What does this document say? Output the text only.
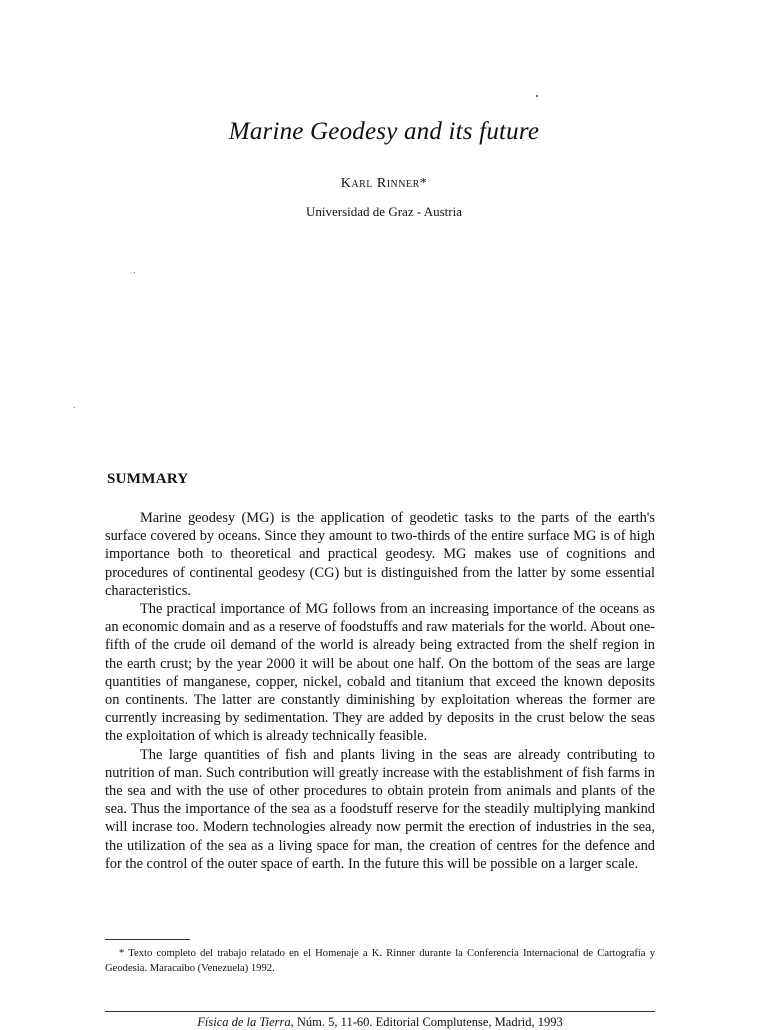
Marine Geodesy and its future
Karl Rinner*
Universidad de Graz - Austria
SUMMARY

Marine geodesy (MG) is the application of geodetic tasks to the parts of the earth's surface covered by oceans. Since they amount to two-thirds of the entire surface MG is of high importance both to theoretical and practical geodesy. MG makes use of cognitions and procedures of continental geodesy (CG) but is distinguished from the latter by some essential characteristics.

The practical importance of MG follows from an increasing importance of the oceans as an economic domain and as a reserve of foodstuffs and raw materials for the world. About one-fifth of the crude oil demand of the world is already being extracted from the shelf region in the earth crust; by the year 2000 it will be about one half. On the bottom of the seas are large quantities of manganese, copper, nickel, cobald and titanium that exceed the known deposits on continents. The latter are constantly diminishing by exploitation whereas the former are currently increasing by sedimentation. They are added by deposits in the crust below the seas the exploitation of which is already technically feasible.

The large quantities of fish and plants living in the seas are already contributing to nutrition of man. Such contribution will greatly increase with the establishment of fish farms in the sea and with the use of other procedures to obtain protein from animals and plants of the sea. Thus the importance of the sea as a foodstuff reserve for the steadily multiplying mankind will incrase too. Modern technologies already now permit the erection of industries in the sea, the utilization of the sea as a living space for man, the creation of centres for the defence and for the control of the outer space of earth. In the future this will be possible on a larger scale.

* Texto completo del trabajo relatado en el Homenaje a K. Rinner durante la Conferencia Internacional de Cartografía y Geodesia. Maracaibo (Venezuela) 1992.

Física de la Tierra, Núm. 5, 11-60. Editorial Complutense, Madrid, 1993
